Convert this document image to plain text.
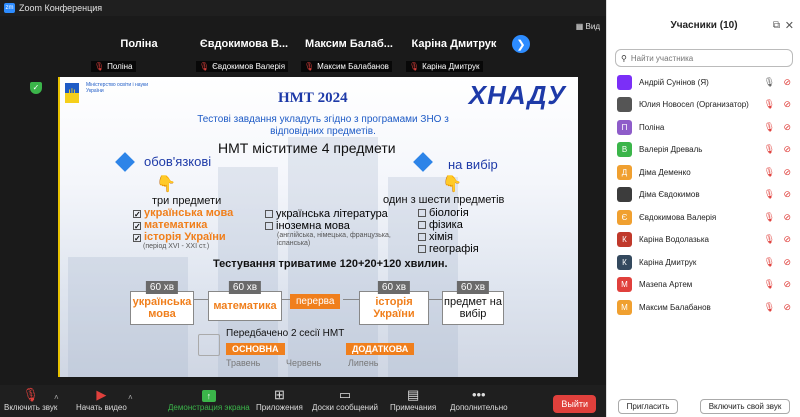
zm Zoom Конференция
▦ Вид
Поліна
🎙 Поліна
Євдокимова В...
🎙 Євдокимов Валерія
Максим Балаб...
🎙 Максим Балабанов
Каріна Дмитрук
🎙 Каріна Дмитрук
❯
✓	ψ
Міністерство освіти і науки України	ХНАДУ
НМТ 2024
Тестові завдання укладуть згідно з програмами ЗНО з відповідних предметів.
НМТ міститиме 4 предмети
обов'язкові	на вибір
👇	👇
три предмети	один з шести предметів
✓ українська мова
✓ математика
✓ історія України
(період XVI - XXI ст.)
українська література
іноземна мова
(англійська, німецька, французька, іспанська)
біологія
фізика
хімія
географія
Тестування триватиме 120+20+120 хвилин.
60 хв
українська мова
60 хв
математика	перерва
60 хв
історія України
60 хв
предмет на вибір
Передбачено 2 сесії НМТ
ОСНОВНА	ДОДАТКОВА
Травень	Червень	Липень
Учасники (10)	⧉ ✕
⚲
Найти участника
Андрій Сунінов (Я)	🎙 ⊘
Юлия Новосел (Организатор) 🎙 ⊘
П	Поліна	🎙 ⊘
В	Валерія Древаль	🎙 ⊘
Д	Діма Деменко	🎙 ⊘
Діма Євдокимов	🎙 ⊘
Є	Євдокимова Валерія	🎙 ⊘
К	Каріна Водолазька	🎙 ⊘
К	Каріна Дмитрук	🎙 ⊘
М	Мазепа Артем	🎙 ⊘
М	Максим Балабанов	🎙 ⊘
Пригласить	Включить свой звук
🎙
Включить звук
˄	▶
Начать видео
˄	↑
Демонстрация экрана
⊞
Приложения
▭
Доски сообщений
▤
Примечания
•••
Дополнительно	Выйти
